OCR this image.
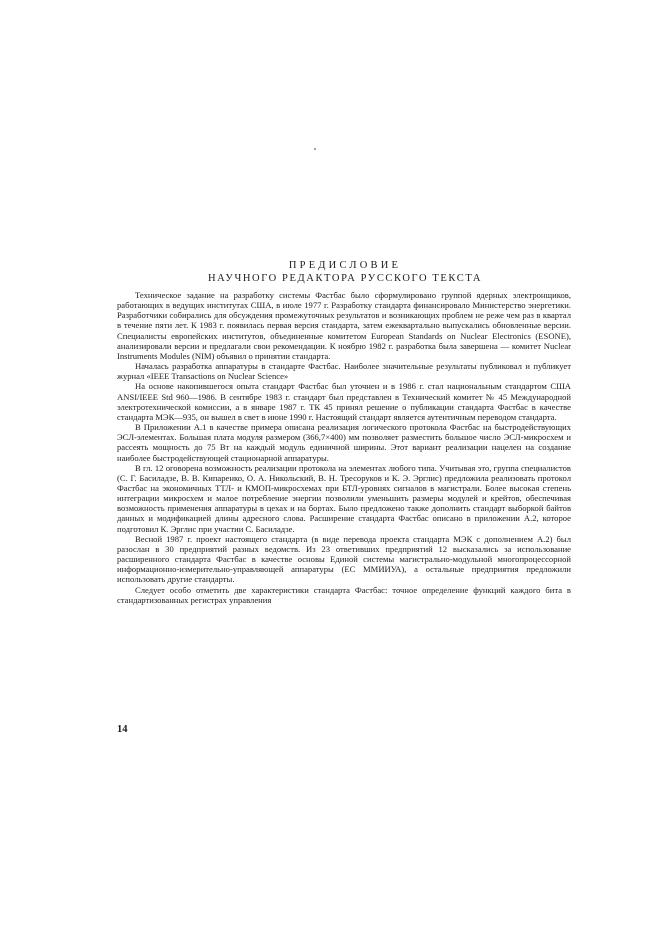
ПРЕДИСЛОВИЕ
НАУЧНОГО РЕДАКТОРА РУССКОГО ТЕКСТА

Техническое задание на разработку системы Фастбас было сформулировано группой ядерных электронщиков, работающих в ведущих институтах США, в июле 1977 г. Разработку стандарта финансировало Министерство энергетики. Разработчики собирались для обсуждения промежуточных результатов и возникающих проблем не реже чем раз в квартал в течение пяти лет. К 1983 г. появилась первая версия стандарта, затем ежеквартально выпускались обновленные версии. Специалисты европейских институтов, объединенные комитетом European Standards on Nuclear Electronics (ESONE), анализировали версии и предлагали свои рекомендации. К ноябрю 1982 г. разработка была завершена — комитет Nuclear Instruments Modules (NIM) объявил о принятии стандарта.

Началась разработка аппаратуры в стандарте Фастбас. Наиболее значительные результаты публиковал и публикует журнал «IEEE Transactions on Nuclear Science»

На основе накопившегося опыта стандарт Фастбас был уточнен и в 1986 г. стал национальным стандартом США ANSI/IEEE Std 960—1986. В сентябре 1983 г. стандарт был представлен в Технический комитет № 45 Международной электротехнической комиссии, а в январе 1987 г. ТК 45 принял решение о публикации стандарта Фастбас в качестве стандарта МЭК—935, он вышел в свет в июне 1990 г. Настоящий стандарт является аутентичным переводом стандарта.

В Приложении А.1 в качестве примера описана реализация логического протокола Фастбас на быстродействующих ЭСЛ-элементах. Большая плата модуля размером (366,7×400) мм позволяет разместить большое число ЭСЛ-микросхем и рассеять мощность до 75 Вт на каждый модуль единичной ширины. Этот вариант реализации нацелен на создание наиболее быстродействующей стационарной аппаратуры.

В гл. 12 оговорена возможность реализации протокола на элементах любого типа. Учитывая это, группа специалистов (С. Г. Басиладзе, В. В. Кипаренко, О. А. Никольский, В. Н. Тресоруков и К. Э. Эрглис) предложила реализовать протокол Фастбас на экономичных ТТЛ- и КМОП-микросхемах при БТЛ-уровнях сигналов в магистрали. Более высокая степень интеграции микросхем и малое потребление энергии позволили уменьшить размеры модулей и крейтов, обеспечивая возможность применения аппаратуры в цехах и на бортах. Было предложено также дополнить стандарт выборкой байтов данных и модификацией длины адресного слова. Расширение стандарта Фастбас описано в приложении А.2, которое подготовил К. Эрглис при участии С. Басиладзе.

Весной 1987 г. проект настоящего стандарта (в виде перевода проекта стандарта МЭК с дополнением А.2) был разослан в 30 предприятий разных ведомств. Из 23 ответивших предприятий 12 высказались за использование расширенного стандарта Фастбас в качестве основы Единой системы магистрально-модульной многопроцессорной информационно-измерительно-управляющей аппаратуры (ЕС ММИИУА), а остальные предприятия предложили использовать другие стандарты.

Следует особо отметить две характеристики стандарта Фастбас: точное определение функций каждого бита в стандартизованных регистрах управления

14
